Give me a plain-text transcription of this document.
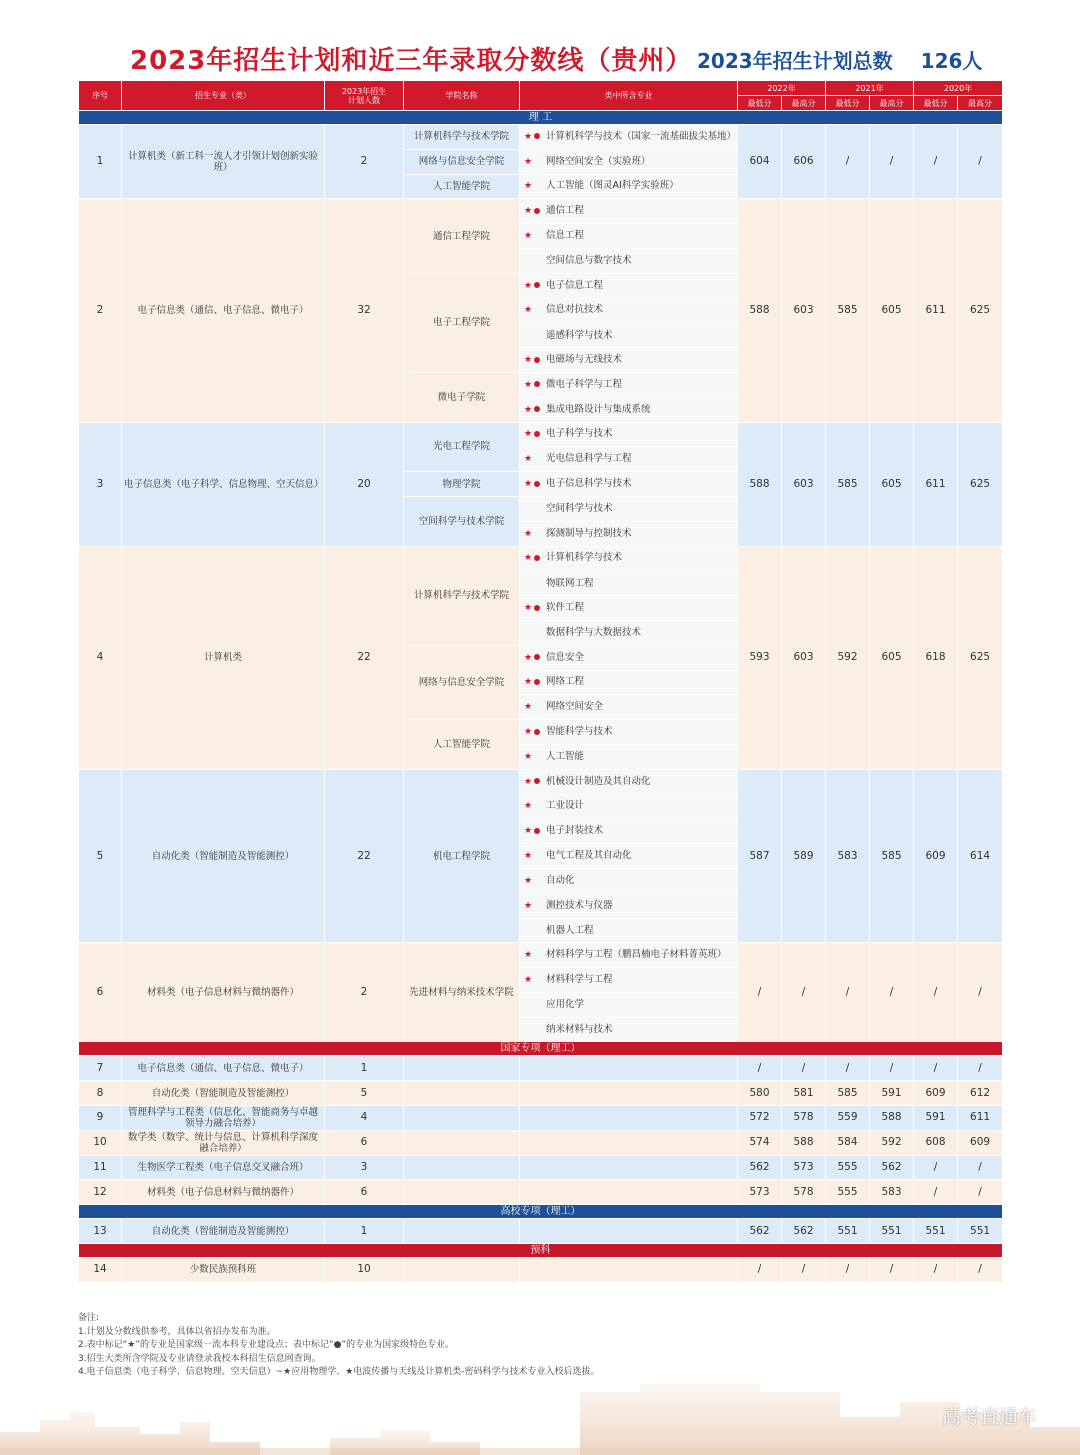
2023年招生计划和近三年录取分数线（贵州） 2023年招生计划总数 126人
序号	招生专业（类）	2023年招生
计划人数	学院名称	类中所含专业	2022年		2021年		2020年	
					最低分	最高分	最低分	最高分	最低分	最高分
理 工										
1	计算机类（新工科一流人才引领计划创新实验班）	2	计算机科学与技术学院	★ 计算机科学与技术（国家一流基础拔尖基地）	604	606	/	/	/	/
			网络与信息安全学院	★ 网络空间安全（实验班）						
			人工智能学院	★ 人工智能（图灵AI科学实验班）						
2	电子信息类（通信、电子信息、微电子）	32	通信工程学院	★ 通信工程	588	603	585	605	611	625
				★ 信息工程						
				空间信息与数字技术						
			电子工程学院	★ 电子信息工程						
				★ 信息对抗技术						
				遥感科学与技术						
				★ 电磁场与无线技术						
			微电子学院	★ 微电子科学与工程						
				★ 集成电路设计与集成系统						
3	电子信息类（电子科学、信息物理、空天信息）	20	光电工程学院	★ 电子科学与技术	588	603	585	605	611	625
				★ 光电信息科学与工程						
			物理学院	★ 电子信息科学与技术						
			空间科学与技术学院	空间科学与技术						
				★ 探测制导与控制技术						
4	计算机类	22	计算机科学与技术学院	★ 计算机科学与技术	593	603	592	605	618	625
				物联网工程						
				★ 软件工程						
				数据科学与大数据技术						
			网络与信息安全学院	★ 信息安全						
				★ 网络工程						
				★ 网络空间安全						
			人工智能学院	★ 智能科学与技术						
				★ 人工智能						
5	自动化类（智能制造及智能测控）	22	机电工程学院	★ 机械设计制造及其自动化	587	589	583	585	609	614
				★ 工业设计						
				★ 电子封装技术						
				★ 电气工程及其自动化						
				★ 自动化						
				★ 测控技术与仪器						
				机器人工程						
6	材料类（电子信息材料与微纳器件）	2	先进材料与纳米技术学院	★ 材料科学与工程（鹏昌楠电子材料菁英班）	/	/	/	/	/	/
				★ 材料科学与工程						
				应用化学						
				纳米材料与技术						
国家专项（理工）										
7	电子信息类（通信、电子信息、微电子）	1			/	/	/	/	/	/
8	自动化类（智能制造及智能测控）	5			580	581	585	591	609	612
9	管理科学与工程类（信息化、智能商务与卓越领导力融合培养）	4			572	578	559	588	591	611
10	数学类（数学、统计与信息、计算机科学深度融合培养）	6			574	588	584	592	608	609
11	生物医学工程类（电子信息交叉融合班）	3			562	573	555	562	/	/
12	材料类（电子信息材料与微纳器件）	6			573	578	555	583	/	/
高校专项（理工）										
13	自动化类（智能制造及智能测控）	1			562	562	551	551	551	551
预科										
14	少数民族预科班	10			/	/	/	/	/	/
备注:
1.计划及分数线供参考，具体以省招办发布为准。
2.表中标记“★”的专业是国家级一流本科专业建设点；表中标记“●”的专业为国家级特色专业。
3.招生大类所含学院及专业请登录我校本科招生信息网查询。
4.电子信息类（电子科学、信息物理、空天信息）~★应用物理学、★电波传播与天线及计算机类-密码科学与技术专业入校后选拔。
高考直通车
